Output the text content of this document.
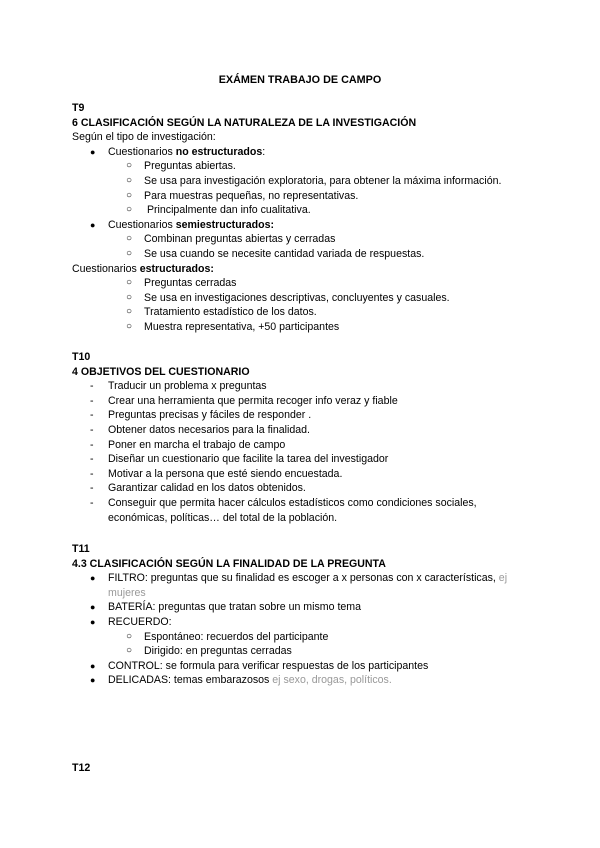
EXÁMEN TRABAJO DE CAMPO
T9
6 CLASIFICACIÓN SEGÚN LA NATURALEZA DE LA INVESTIGACIÓN
Según el tipo de investigación:
● Cuestionarios no estructurados:
○ Preguntas abiertas.
○ Se usa para investigación exploratoria, para obtener la máxima información.
○ Para muestras pequeñas, no representativas.
○ Principalmente dan info cualitativa.
● Cuestionarios semiestructurados:
○ Combinan preguntas abiertas y cerradas
○ Se usa cuando se necesite cantidad variada de respuestas.
Cuestionarios estructurados:
○ Preguntas cerradas
○ Se usa en investigaciones descriptivas, concluyentes y casuales.
○ Tratamiento estadístico de los datos.
○ Muestra representativa, +50 participantes
T10
4 OBJETIVOS DEL CUESTIONARIO
- Traducir un problema x preguntas
- Crear una herramienta que permita recoger info veraz y fiable
- Preguntas precisas y fáciles de responder .
- Obtener datos necesarios para la finalidad.
- Poner en marcha el trabajo de campo
- Diseñar un cuestionario que facilite la tarea del investigador
- Motivar a la persona que esté siendo encuestada.
- Garantizar calidad en los datos obtenidos.
- Conseguir que permita hacer cálculos estadísticos como condiciones sociales,
económicas, políticas… del total de la población.
T11
4.3 CLASIFICACIÓN SEGÚN LA FINALIDAD DE LA PREGUNTA
● FILTRO: preguntas que su finalidad es escoger a x personas con x características, ej
mujeres
● BATERÍA: preguntas que tratan sobre un mismo tema
● RECUERDO:
○ Espontáneo: recuerdos del participante
○ Dirigido: en preguntas cerradas
● CONTROL: se formula para verificar respuestas de los participantes
● DELICADAS: temas embarazosos ej sexo, drogas, políticos.
T12
